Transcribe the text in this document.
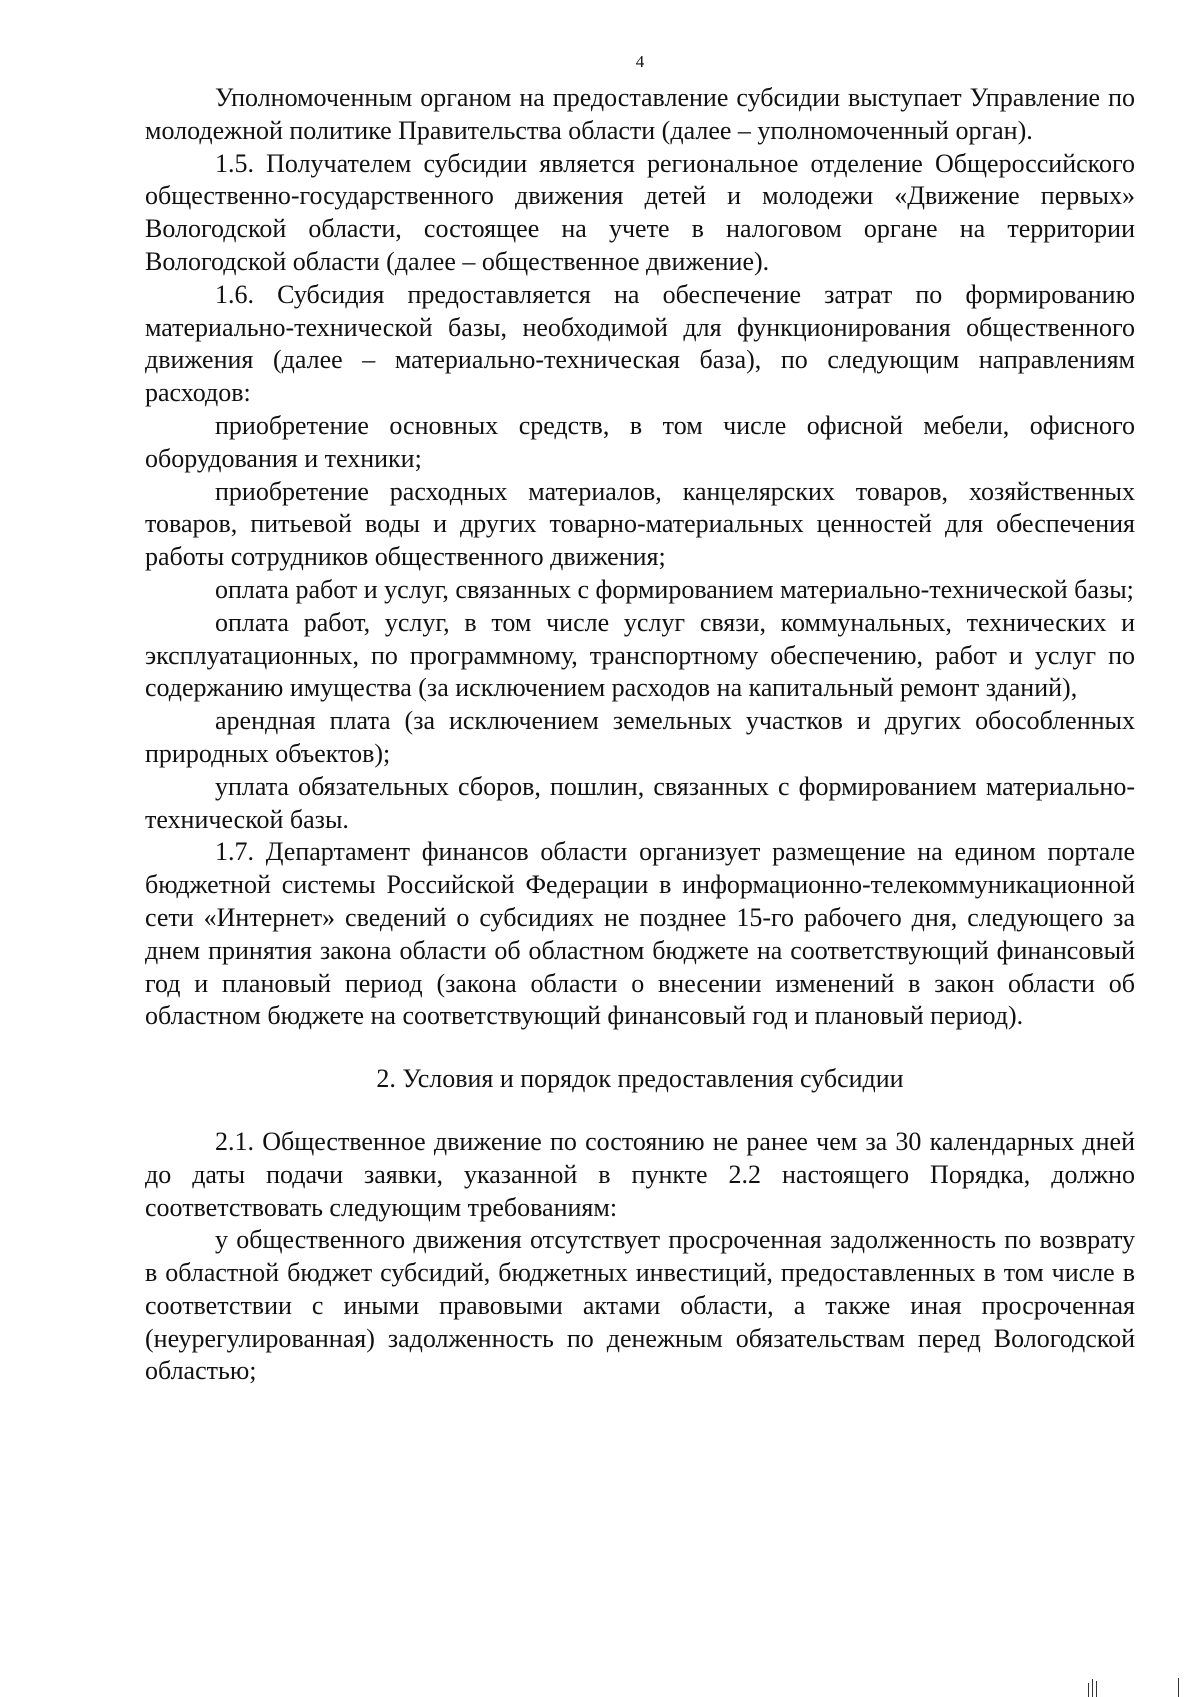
4

Уполномоченным органом на предоставление субсидии выступает Управление по молодежной политике Правительства области (далее – уполномоченный орган).

1.5. Получателем субсидии является региональное отделение Общероссийского общественно-государственного движения детей и молодежи «Движение первых» Вологодской области, состоящее на учете в налоговом органе на территории Вологодской области (далее – общественное движение).

1.6. Субсидия предоставляется на обеспечение затрат по формированию материально-технической базы, необходимой для функционирования общественного движения (далее – материально-техническая база), по следующим направлениям расходов:

приобретение основных средств, в том числе офисной мебели, офисного оборудования и техники;

приобретение расходных материалов, канцелярских товаров, хозяйственных товаров, питьевой воды и других товарно-материальных ценностей для обеспечения работы сотрудников общественного движения;

оплата работ и услуг, связанных с формированием материально-технической базы;

оплата работ, услуг, в том числе услуг связи, коммунальных, технических и эксплуатационных, по программному, транспортному обеспечению, работ и услуг по содержанию имущества (за исключением расходов на капитальный ремонт зданий),

арендная плата (за исключением земельных участков и других обособленных природных объектов);

уплата обязательных сборов, пошлин, связанных с формированием материально-технической базы.

1.7. Департамент финансов области организует размещение на едином портале бюджетной системы Российской Федерации в информационно-телекоммуникационной сети «Интернет» сведений о субсидиях не позднее 15-го рабочего дня, следующего за днем принятия закона области об областном бюджете на соответствующий финансовый год и плановый период (закона области о внесении изменений в закон области об областном бюджете на соответствующий финансовый год и плановый период).

2. Условия и порядок предоставления субсидии

2.1. Общественное движение по состоянию не ранее чем за 30 календарных дней до даты подачи заявки, указанной в пункте 2.2 настоящего Порядка, должно соответствовать следующим требованиям:

у общественного движения отсутствует просроченная задолженность по возврату в областной бюджет субсидий, бюджетных инвестиций, предоставленных в том числе в соответствии с иными правовыми актами области, а также иная просроченная (неурегулированная) задолженность по денежным обязательствам перед Вологодской областью;
